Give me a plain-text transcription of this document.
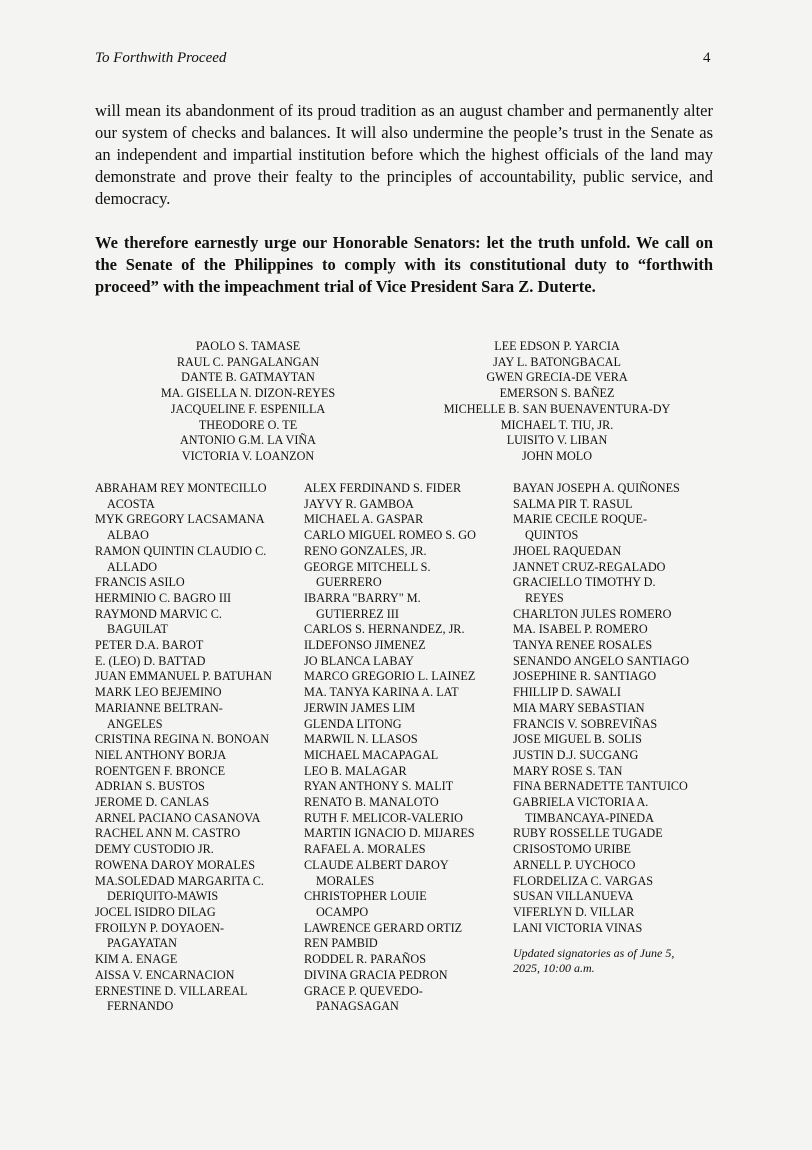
To Forthwith Proceed	4

will mean its abandonment of its proud tradition as an august chamber and permanently alter our system of checks and balances. It will also undermine the people’s trust in the Senate as an independent and impartial institution before which the highest officials of the land may demonstrate and prove their fealty to the principles of accountability, public service, and democracy.

We therefore earnestly urge our Honorable Senators: let the truth unfold. We call on the Senate of the Philippines to comply with its constitutional duty to “forthwith proceed” with the impeachment trial of Vice President Sara Z. Duterte.

PAOLO S. TAMASE
RAUL C. PANGALANGAN
DANTE B. GATMAYTAN
MA. GISELLA N. DIZON-REYES
JACQUELINE F. ESPENILLA
THEODORE O. TE
ANTONIO G.M. LA VIÑA
VICTORIA V. LOANZON
LEE EDSON P. YARCIA
JAY L. BATONGBACAL
GWEN GRECIA-DE VERA
EMERSON S. BAÑEZ
MICHELLE B. SAN BUENAVENTURA-DY
MICHAEL T. TIU, JR.
LUISITO V. LIBAN
JOHN MOLO
ABRAHAM REY MONTECILLO
ACOSTA
MYK GREGORY LACSAMANA
ALBAO
RAMON QUINTIN CLAUDIO C.
ALLADO
FRANCIS ASILO
HERMINIO C. BAGRO III
RAYMOND MARVIC C.
BAGUILAT
PETER D.A. BAROT
E. (LEO) D. BATTAD
JUAN EMMANUEL P. BATUHAN
MARK LEO BEJEMINO
MARIANNE BELTRAN-
ANGELES
CRISTINA REGINA N. BONOAN
NIEL ANTHONY BORJA
ROENTGEN F. BRONCE
ADRIAN S. BUSTOS
JEROME D. CANLAS
ARNEL PACIANO CASANOVA
RACHEL ANN M. CASTRO
DEMY CUSTODIO JR.
ROWENA DAROY MORALES
MA.SOLEDAD MARGARITA C.
DERIQUITO-MAWIS
JOCEL ISIDRO DILAG
FROILYN P. DOYAOEN-
PAGAYATAN
KIM A. ENAGE
AISSA V. ENCARNACION
ERNESTINE D. VILLAREAL
FERNANDO
ALEX FERDINAND S. FIDER
JAYVY R. GAMBOA
MICHAEL A. GASPAR
CARLO MIGUEL ROMEO S. GO
RENO GONZALES, JR.
GEORGE MITCHELL S.
GUERRERO
IBARRA "BARRY" M.
GUTIERREZ III
CARLOS S. HERNANDEZ, JR.
ILDEFONSO JIMENEZ
JO BLANCA LABAY
MARCO GREGORIO L. LAINEZ
MA. TANYA KARINA A. LAT
JERWIN JAMES LIM
GLENDA LITONG
MARWIL N. LLASOS
MICHAEL MACAPAGAL
LEO B. MALAGAR
RYAN ANTHONY S. MALIT
RENATO B. MANALOTO
RUTH F. MELICOR-VALERIO
MARTIN IGNACIO D. MIJARES
RAFAEL A. MORALES
CLAUDE ALBERT DAROY
MORALES
CHRISTOPHER LOUIE
OCAMPO
LAWRENCE GERARD ORTIZ
REN PAMBID
RODDEL R. PARAÑOS
DIVINA GRACIA PEDRON
GRACE P. QUEVEDO-
PANAGSAGAN
BAYAN JOSEPH A. QUIÑONES
SALMA PIR T. RASUL
MARIE CECILE ROQUE-
QUINTOS
JHOEL RAQUEDAN
JANNET CRUZ-REGALADO
GRACIELLO TIMOTHY D.
REYES
CHARLTON JULES ROMERO
MA. ISABEL P. ROMERO
TANYA RENEE ROSALES
SENANDO ANGELO SANTIAGO
JOSEPHINE R. SANTIAGO
FHILLIP D. SAWALI
MIA MARY SEBASTIAN
FRANCIS V. SOBREVIÑAS
JOSE MIGUEL B. SOLIS
JUSTIN D.J. SUCGANG
MARY ROSE S. TAN
FINA BERNADETTE TANTUICO
GABRIELA VICTORIA A.
TIMBANCAYA-PINEDA
RUBY ROSSELLE TUGADE
CRISOSTOMO URIBE
ARNELL P. UYCHOCO
FLORDELIZA C. VARGAS
SUSAN VILLANUEVA
VIFERLYN D. VILLAR
LANI VICTORIA VINAS
Updated signatories as of June 5,
2025, 10:00 a.m.
